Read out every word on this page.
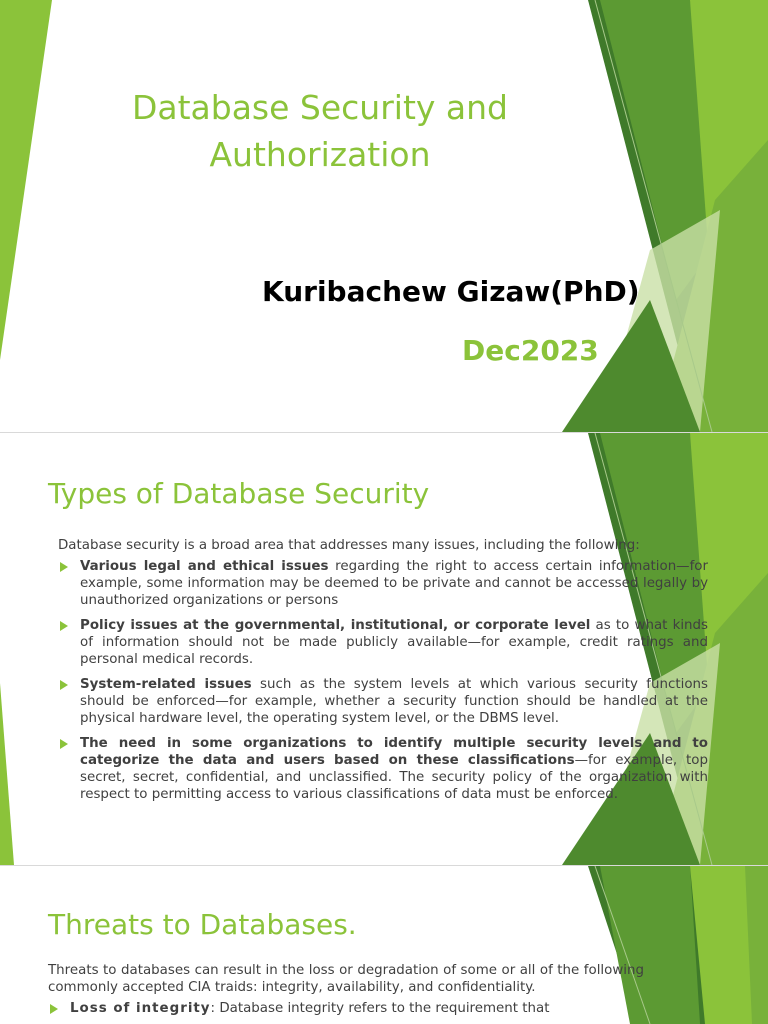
Database Security and Authorization

Kuribachew Gizaw(PhD)

Dec2023

Types of Database Security

Database security is a broad area that addresses many issues, including the following:

Various legal and ethical issues regarding the right to access certain information—for example, some information may be deemed to be private and cannot be accessed legally by unauthorized organizations or persons
Policy issues at the governmental, institutional, or corporate level as to what kinds of information should not be made publicly available—for example, credit ratings and personal medical records.
System-related issues such as the system levels at which various security functions should be enforced—for example, whether a security function should be handled at the physical hardware level, the operating system level, or the DBMS level.
The need in some organizations to identify multiple security levels and to categorize the data and users based on these classifications—for example, top secret, secret, confidential, and unclassified. The security policy of the organization with respect to permitting access to various classifications of data must be enforced.
Threats to Databases.

Threats to databases can result in the loss or degradation of some or all of the following commonly accepted CIA traids: integrity, availability, and confidentiality.

Loss of integrity: Database integrity refers to the requirement that
